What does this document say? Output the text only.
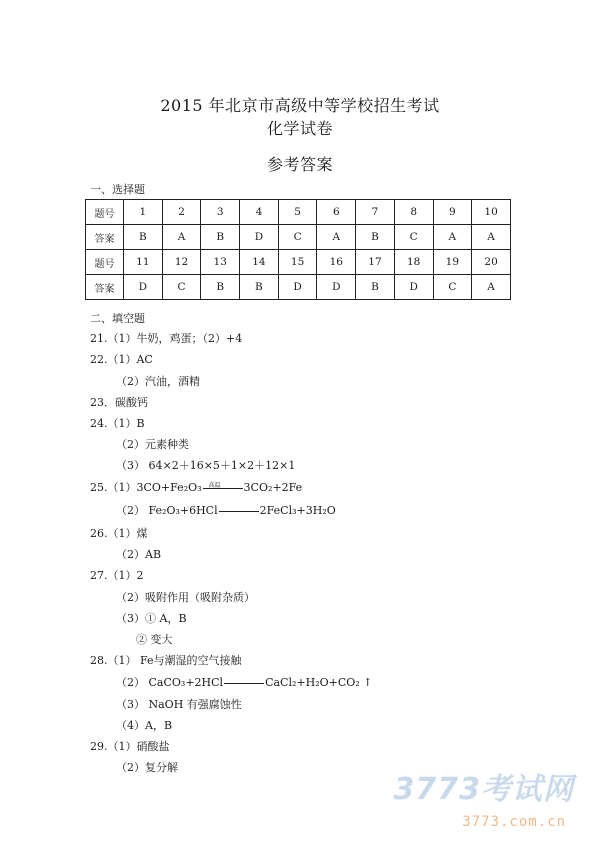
2015 年北京市高级中等学校招生考试
化学试卷
参考答案
一、选择题
题号	1	2	3	4	5	6	7	8	9	10
答案	B	A	B	D	C	A	B	C	A	A
题号	11	12	13	14	15	16	17	18	19	20
答案	D	C	B	B	D	D	B	D	C	A
二、填空题
21.（1）牛奶，鸡蛋；（2）+4
22.（1）AC
（2）汽油，酒精
23．碳酸钙
24.（1）B
（2）元素种类
（3） 64×2＋16×5＋1×2＋12×1
25.（1）3CO+Fe₂O₃ 高温 3CO₂+2Fe
（2） Fe₂O₃+6HCl	2FeCl₃+3H₂O
26.（1）煤
（2）AB
27.（1）2
（2）吸附作用（吸附杂质）
（3）① A，B
② 变大
28.（1） Fe与潮湿的空气接触
（2） CaCO₃+2HCl	CaCl₂+H₂O+CO₂ ↑
（3） NaOH 有强腐蚀性
（4）A，B
29.（1）硝酸盐
（2）复分解
3773考试网
3773.com.cn
